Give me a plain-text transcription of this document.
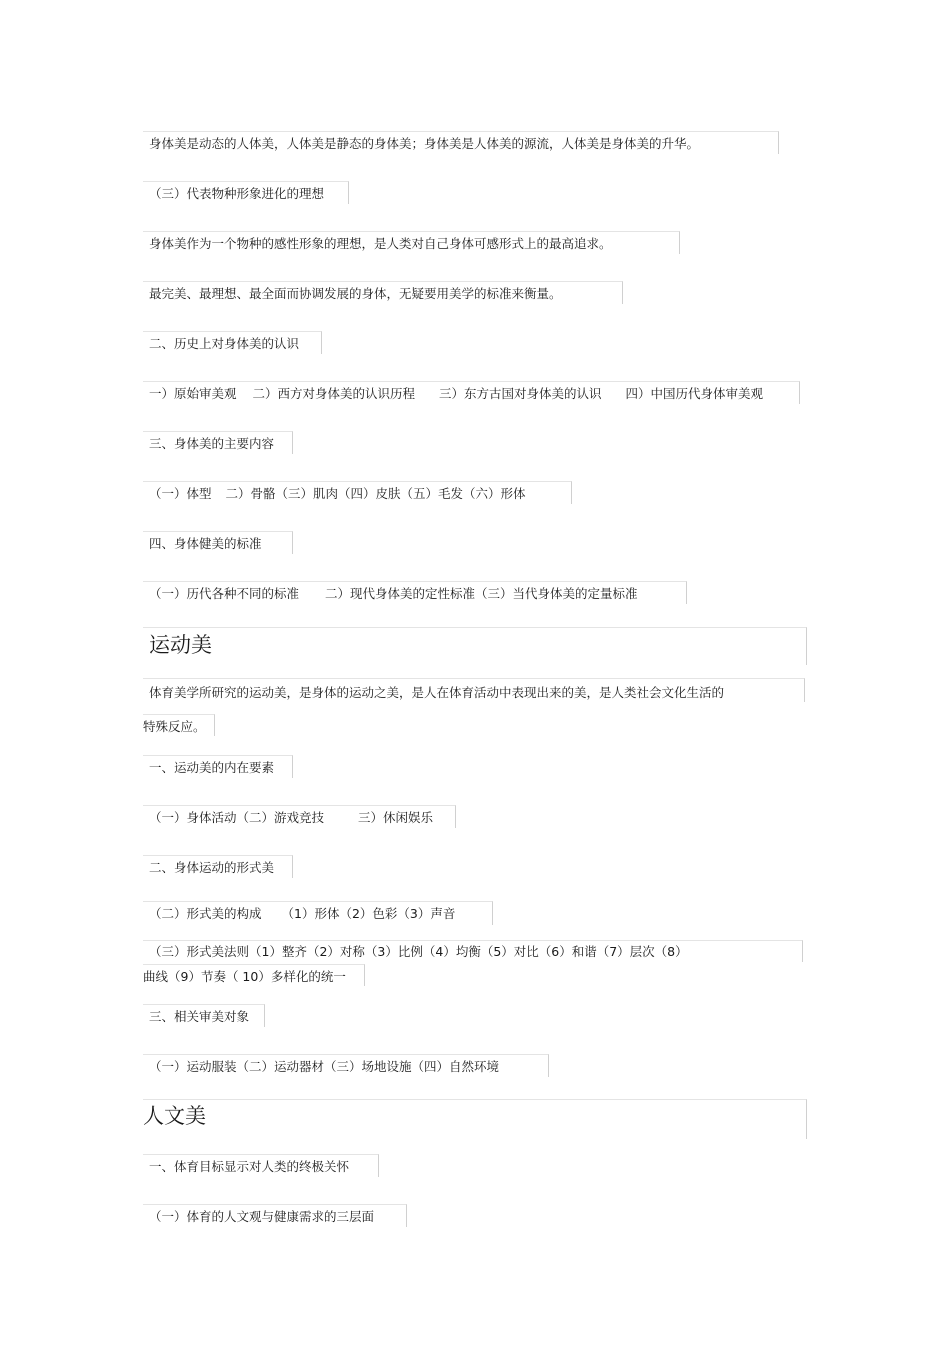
身体美是动态的人体美，人体美是静态的身体美；身体美是人体美的源流，人体美是身体美的升华。
（三）代表物种形象进化的理想
身体美作为一个物种的感性形象的理想，是人类对自己身体可感形式上的最高追求。
最完美、最理想、最全面而协调发展的身体，无疑要用美学的标准来衡量。
二、历史上对身体美的认识
一）原始审美观 二）西方对身体美的认识历程 三）东方古国对身体美的认识 四）中国历代身体审美观
三、身体美的主要内容
（一）体型 二）骨骼（三）肌肉（四）皮肤（五）毛发（六）形体
四、身体健美的标准
（一）历代各种不同的标准 二）现代身体美的定性标准（三）当代身体美的定量标准
运动美
体育美学所研究的运动美，是身体的运动之美，是人在体育活动中表现出来的美，是人类社会文化生活的
特殊反应。
一、运动美的内在要素
（一）身体活动（二）游戏竞技	三）休闲娱乐
二、身体运动的形式美
（二）形式美的构成 （1）形体（2）色彩（3）声音
（三）形式美法则（1）整齐（2）对称（3）比例（4）均衡（5）对比（6）和谐（7）层次（8）
曲线（9）节奏（ 10）多样化的统一
三、相关审美对象
（一）运动服装（二）运动器材（三）场地设施（四）自然环境
人文美
一、体育目标显示对人类的终极关怀
（一）体育的人文观与健康需求的三层面
